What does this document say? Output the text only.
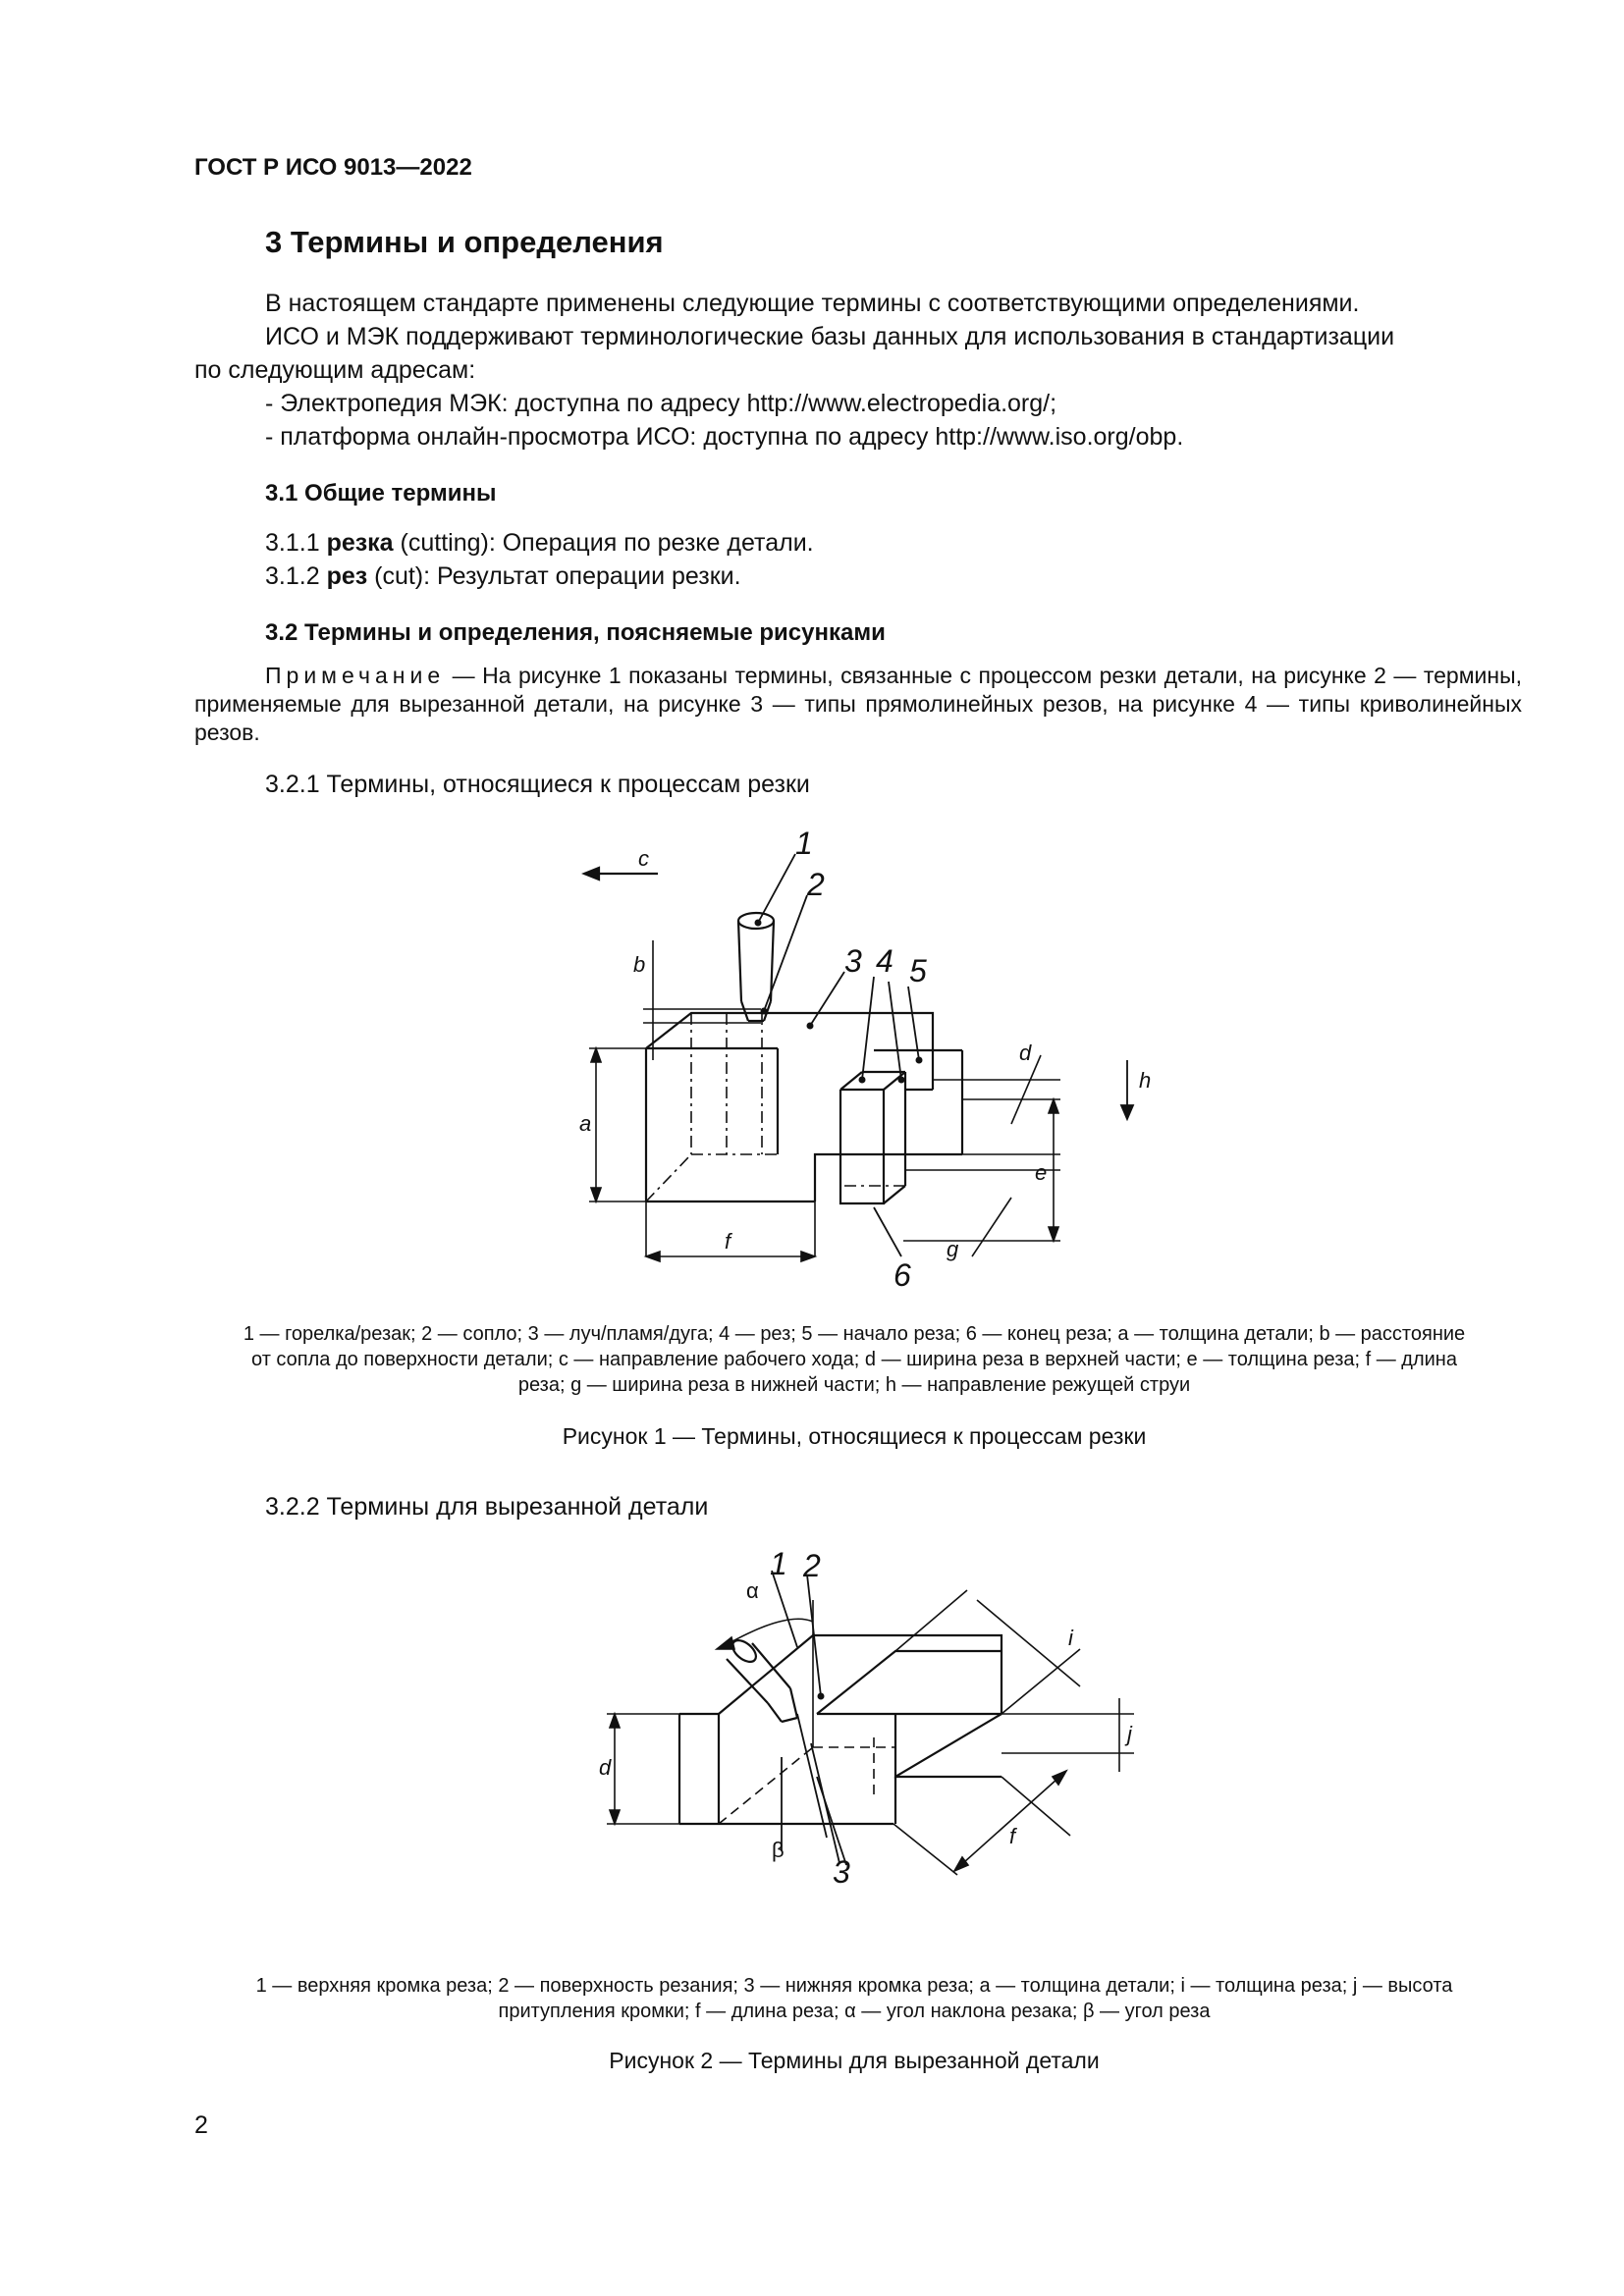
ГОСТ Р ИСО 9013—2022
3 Термины и определения
В настоящем стандарте применены следующие термины с соответствующими определениями.
ИСО и МЭК поддерживают терминологические базы данных для использования в стандартизации
по следующим адресам:
- Электропедия МЭК: доступна по адресу http://www.electropedia.org/;
- платформа онлайн-просмотра ИСО: доступна по адресу http://www.iso.org/obp.
3.1 Общие термины
3.1.1 резка (cutting): Операция по резке детали.
3.1.2 рез (cut): Результат операции резки.
3.2 Термины и определения, поясняемые рисунками
Примечание — На рисунке 1 показаны термины, связанные с процессом резки детали, на рисунке 2 — термины, применяемые для вырезанной детали, на рисунке 3 — типы прямолинейных резов, на рисунке 4 — типы криволинейных резов.
3.2.1 Термины, относящиеся к процессам резки
1
2
3 4 5
6
a
b
c
d
e
f	g
h
1 — горелка/резак; 2 — сопло; 3 — луч/пламя/дуга; 4 — рез; 5 — начало реза; 6 — конец реза; a — толщина детали; b — расстояние
от сопла до поверхности детали; c — направление рабочего хода; d — ширина реза в верхней части; e — толщина реза; f — длина
реза; g — ширина реза в нижней части; h — направление режущей струи
Рисунок 1 — Термины, относящиеся к процессам резки
3.2.2 Термины для вырезанной детали
1 2
3
α
β
i
j
d
f
1 — верхняя кромка реза; 2 — поверхность резания; 3 — нижняя кромка реза; a — толщина детали; i — толщина реза; j — высота
притупления кромки; f — длина реза; α — угол наклона резака; β — угол реза
Рисунок 2 — Термины для вырезанной детали
2
